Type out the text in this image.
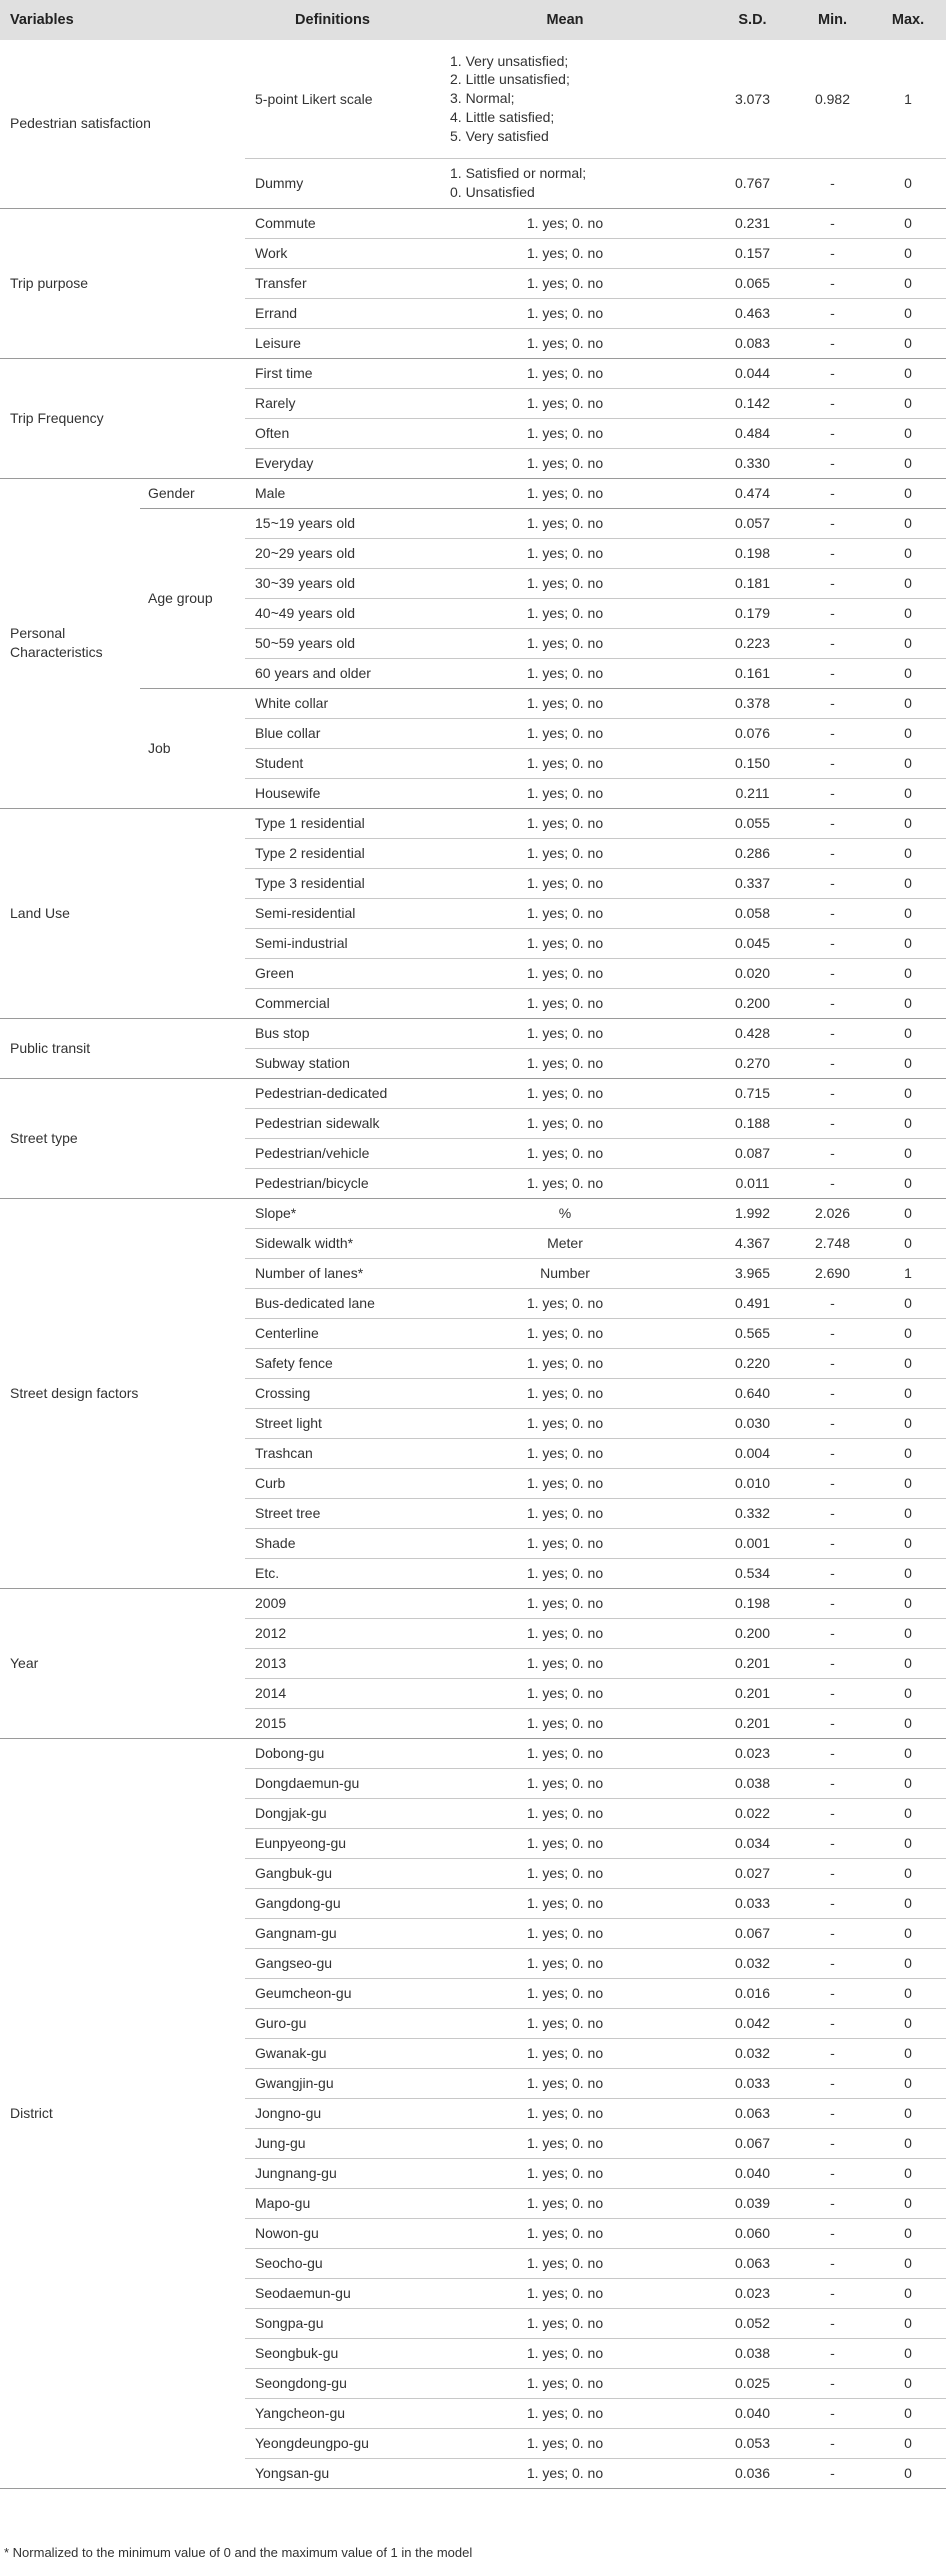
Variables		Definitions	Mean	S.D.	Min.	Max.
Pedestrian satisfaction		5-point Likert scale	1. Very unsatisfied;
2. Little unsatisfied;
3. Normal;
4. Little satisfied;
5. Very satisfied	3.073	0.982	1
		Dummy	1. Satisfied or normal;
0. Unsatisfied	0.767	-	0
Trip purpose		Commute	1. yes; 0. no	0.231	-	0
		Work	1. yes; 0. no	0.157	-	0
		Transfer	1. yes; 0. no	0.065	-	0
		Errand	1. yes; 0. no	0.463	-	0
		Leisure	1. yes; 0. no	0.083	-	0
Trip Frequency		First time	1. yes; 0. no	0.044	-	0
		Rarely	1. yes; 0. no	0.142	-	0
		Often	1. yes; 0. no	0.484	-	0
		Everyday	1. yes; 0. no	0.330	-	0
Personal Characteristics	Gender	Male	1. yes; 0. no	0.474	-	0
	Age group	15~19 years old	1. yes; 0. no	0.057	-	0
		20~29 years old	1. yes; 0. no	0.198	-	0
		30~39 years old	1. yes; 0. no	0.181	-	0
		40~49 years old	1. yes; 0. no	0.179	-	0
		50~59 years old	1. yes; 0. no	0.223	-	0
		60 years and older	1. yes; 0. no	0.161	-	0
	Job	White collar	1. yes; 0. no	0.378	-	0
		Blue collar	1. yes; 0. no	0.076	-	0
		Student	1. yes; 0. no	0.150	-	0
		Housewife	1. yes; 0. no	0.211	-	0
Land Use		Type 1 residential	1. yes; 0. no	0.055	-	0
		Type 2 residential	1. yes; 0. no	0.286	-	0
		Type 3 residential	1. yes; 0. no	0.337	-	0
		Semi-residential	1. yes; 0. no	0.058	-	0
		Semi-industrial	1. yes; 0. no	0.045	-	0
		Green	1. yes; 0. no	0.020	-	0
		Commercial	1. yes; 0. no	0.200	-	0
Public transit		Bus stop	1. yes; 0. no	0.428	-	0
		Subway station	1. yes; 0. no	0.270	-	0
Street type		Pedestrian-dedicated	1. yes; 0. no	0.715	-	0
		Pedestrian sidewalk	1. yes; 0. no	0.188	-	0
		Pedestrian/vehicle	1. yes; 0. no	0.087	-	0
		Pedestrian/bicycle	1. yes; 0. no	0.011	-	0
Street design factors		Slope*	%	1.992	2.026	0
		Sidewalk width*	Meter	4.367	2.748	0
		Number of lanes*	Number	3.965	2.690	1
		Bus-dedicated lane	1. yes; 0. no	0.491	-	0
		Centerline	1. yes; 0. no	0.565	-	0
		Safety fence	1. yes; 0. no	0.220	-	0
		Crossing	1. yes; 0. no	0.640	-	0
		Street light	1. yes; 0. no	0.030	-	0
		Trashcan	1. yes; 0. no	0.004	-	0
		Curb	1. yes; 0. no	0.010	-	0
		Street tree	1. yes; 0. no	0.332	-	0
		Shade	1. yes; 0. no	0.001	-	0
		Etc.	1. yes; 0. no	0.534	-	0
Year		2009	1. yes; 0. no	0.198	-	0
		2012	1. yes; 0. no	0.200	-	0
		2013	1. yes; 0. no	0.201	-	0
		2014	1. yes; 0. no	0.201	-	0
		2015	1. yes; 0. no	0.201	-	0
District		Dobong-gu	1. yes; 0. no	0.023	-	0
		Dongdaemun-gu	1. yes; 0. no	0.038	-	0
		Dongjak-gu	1. yes; 0. no	0.022	-	0
		Eunpyeong-gu	1. yes; 0. no	0.034	-	0
		Gangbuk-gu	1. yes; 0. no	0.027	-	0
		Gangdong-gu	1. yes; 0. no	0.033	-	0
		Gangnam-gu	1. yes; 0. no	0.067	-	0
		Gangseo-gu	1. yes; 0. no	0.032	-	0
		Geumcheon-gu	1. yes; 0. no	0.016	-	0
		Guro-gu	1. yes; 0. no	0.042	-	0
		Gwanak-gu	1. yes; 0. no	0.032	-	0
		Gwangjin-gu	1. yes; 0. no	0.033	-	0
		Jongno-gu	1. yes; 0. no	0.063	-	0
		Jung-gu	1. yes; 0. no	0.067	-	0
		Jungnang-gu	1. yes; 0. no	0.040	-	0
		Mapo-gu	1. yes; 0. no	0.039	-	0
		Nowon-gu	1. yes; 0. no	0.060	-	0
		Seocho-gu	1. yes; 0. no	0.063	-	0
		Seodaemun-gu	1. yes; 0. no	0.023	-	0
		Songpa-gu	1. yes; 0. no	0.052	-	0
		Seongbuk-gu	1. yes; 0. no	0.038	-	0
		Seongdong-gu	1. yes; 0. no	0.025	-	0
		Yangcheon-gu	1. yes; 0. no	0.040	-	0
		Yeongdeungpo-gu	1. yes; 0. no	0.053	-	0
		Yongsan-gu	1. yes; 0. no	0.036	-	0
* Normalized to the minimum value of 0 and the maximum value of 1 in the model
